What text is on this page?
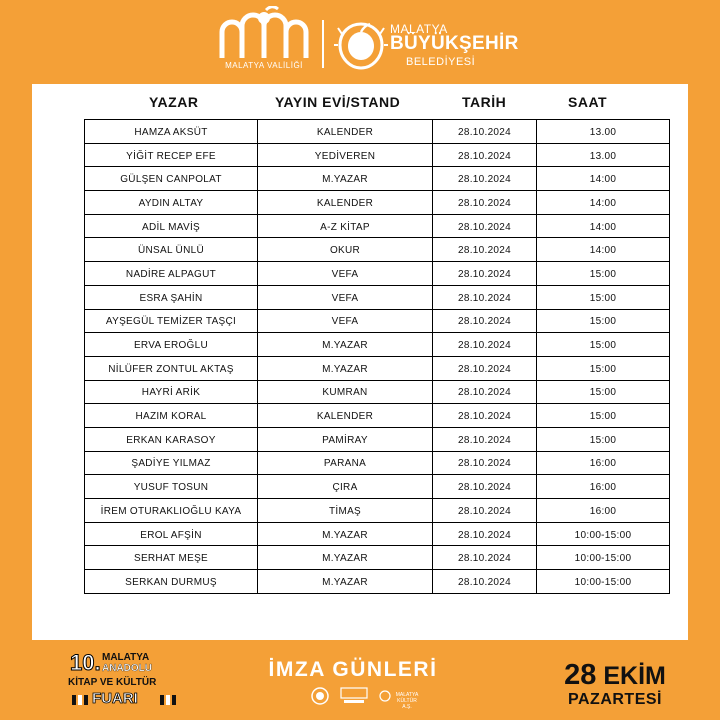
MALATYA VALİLİĞİ
MALATYA
BÜYÜKŞEHİR
BELEDİYESİ
YAZAR	YAYIN EVİ/STAND	TARİH	SAAT
HAMZA AKSÜT	KALENDER	28.10.2024	13.00
YİĞİT RECEP EFE	YEDİVEREN	28.10.2024	13.00
GÜLŞEN CANPOLAT	M.YAZAR	28.10.2024	14:00
AYDIN ALTAY	KALENDER	28.10.2024	14:00
ADİL MAVİŞ	A-Z KİTAP	28.10.2024	14:00
ÜNSAL ÜNLÜ	OKUR	28.10.2024	14:00
NADİRE ALPAGUT	VEFA	28.10.2024	15:00
ESRA ŞAHİN	VEFA	28.10.2024	15:00
AYŞEGÜL TEMİZER TAŞÇI	VEFA	28.10.2024	15:00
ERVA EROĞLU	M.YAZAR	28.10.2024	15:00
NİLÜFER ZONTUL AKTAŞ	M.YAZAR	28.10.2024	15:00
HAYRİ ARİK	KUMRAN	28.10.2024	15:00
HAZIM KORAL	KALENDER	28.10.2024	15:00
ERKAN KARASOY	PAMİRAY	28.10.2024	15:00
ŞADİYE YILMAZ	PARANA	28.10.2024	16:00
YUSUF TOSUN	ÇIRA	28.10.2024	16:00
İREM OTURAKLIOĞLU KAYA	TİMAŞ	28.10.2024	16:00
EROL AFŞİN	M.YAZAR	28.10.2024	10:00-15:00
SERHAT MEŞE	M.YAZAR	28.10.2024	10:00-15:00
SERKAN DURMUŞ	M.YAZAR	28.10.2024	10:00-15:00
10. MALATYA
ANADOLU
KİTAP VE KÜLTÜR
FUARI
İMZA GÜNLERİ
MALATYA KÜLTÜR A.Ş.
28 EKİM
PAZARTESİ
